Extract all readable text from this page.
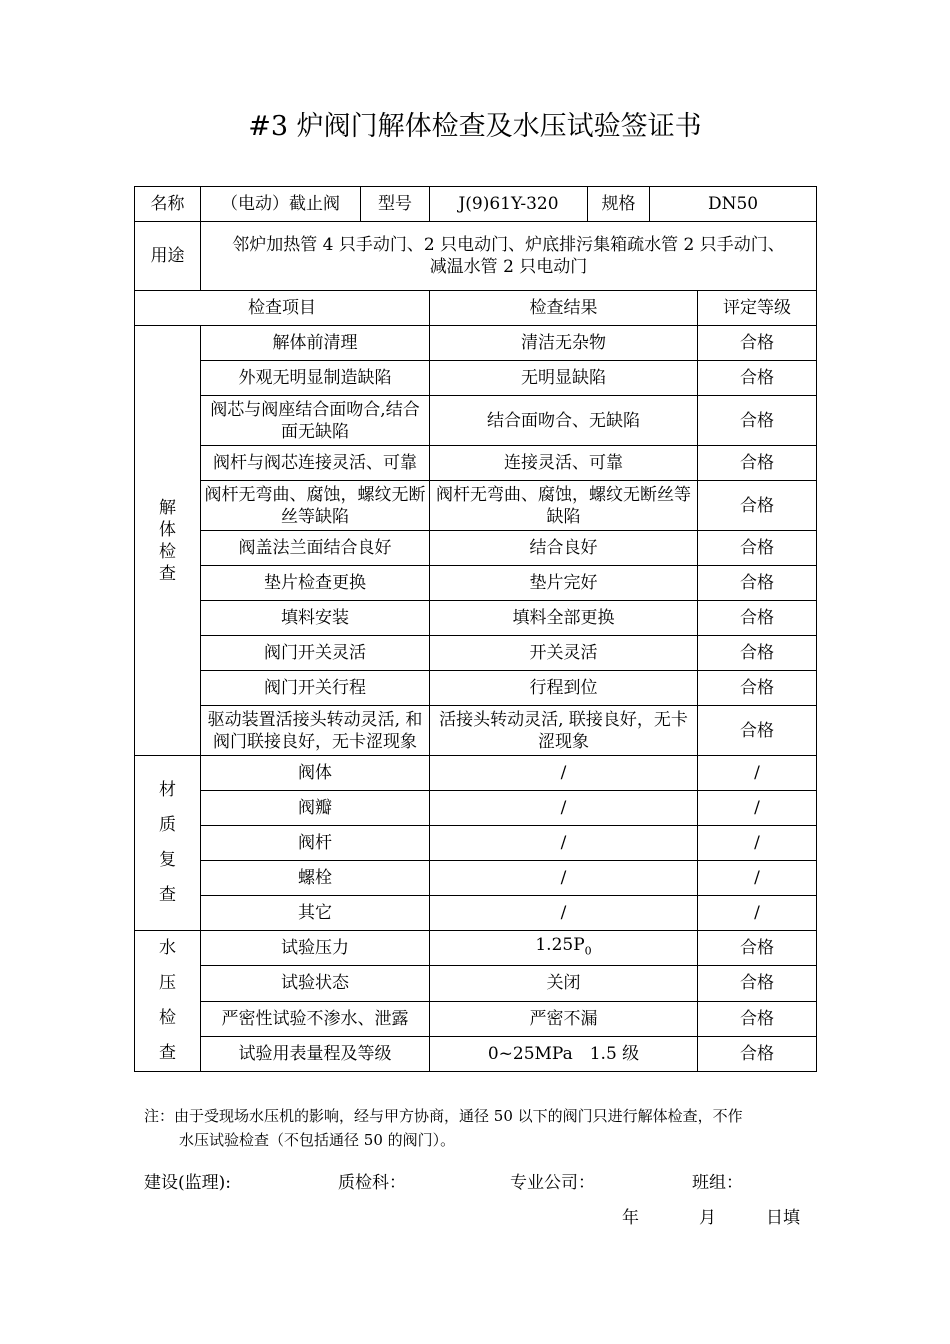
#3 炉阀门解体检查及水压试验签证书
名称	（电动）截止阀	型号	J(9)61Y-320	规格	DN50	
用途	邻炉加热管 4 只手动门、2 只电动门、炉底排污集箱疏水管 2 只手动门、
减温水管 2 只电动门					

检查项目			检查结果			评定等级

解
体
检
查	解体前清理		清洁无杂物			合格
	外观无明显制造缺陷		无明显缺陷			合格
	阀芯与阀座结合面吻合,结合面无缺陷		结合面吻合、无缺陷			合格
	阀杆与阀芯连接灵活、可靠		连接灵活、可靠			合格
	阀杆无弯曲、腐蚀，螺纹无断丝等缺陷		阀杆无弯曲、腐蚀，螺纹无断丝等缺陷			合格
	阀盖法兰面结合良好		结合良好			合格
	垫片检查更换		垫片完好			合格
	填料安装		填料全部更换			合格
	阀门开关灵活		开关灵活			合格
	阀门开关行程		行程到位			合格
	驱动装置活接头转动灵活, 和阀门联接良好，无卡涩现象		活接头转动灵活, 联接良好，无卡涩现象			合格

材
质
复
查	阀体		/			/
	阀瓣		/			/
	阀杆		/			/
	螺栓		/			/
	其它		/			/

水
压
检
查	试验压力		$1.25P_0$			合格
	试验状态		关闭			合格
	严密性试验不渗水、泄露		严密不漏			合格
	试验用表量程及等级		0~25MPa　1.5 级			合格
注：由于受现场水压机的影响，经与甲方协商，通径 50 以下的阀门只进行解体检查，不作
水压试验检查（不包括通径 50 的阀门）。
建设(监理):	质检科：	专业公司：	班组：
年	月	日填
